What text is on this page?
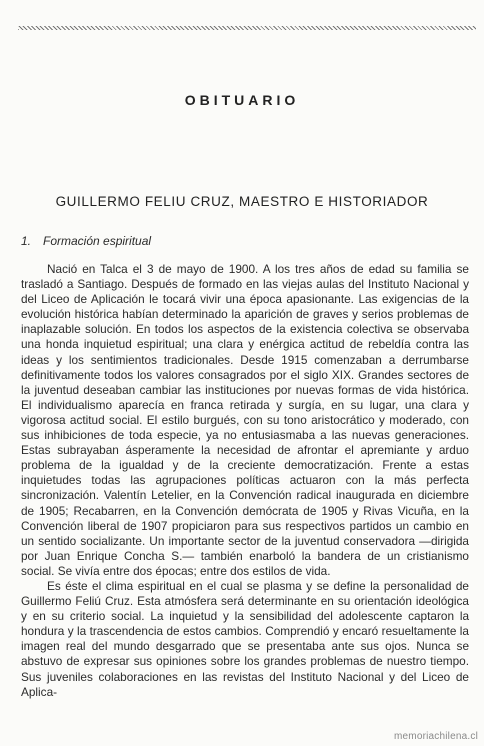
OBITUARIO
GUILLERMO FELIU CRUZ, MAESTRO E HISTORIADOR
1. Formación espiritual

Nació en Talca el 3 de mayo de 1900. A los tres años de edad su familia se trasladó a Santiago. Después de formado en las viejas aulas del Instituto Nacional y del Liceo de Aplicación le tocará vivir una época apasionante. Las exigencias de la evolución histórica habían determinado la aparición de graves y serios problemas de inaplazable solución. En todos los aspectos de la existencia colectiva se observaba una honda inquietud espiritual; una clara y enérgica actitud de rebeldía contra las ideas y los sentimientos tradicionales. Desde 1915 comenzaban a derrumbarse definitivamente todos los valores consagrados por el siglo XIX. Grandes sectores de la juventud deseaban cambiar las instituciones por nuevas formas de vida histórica. El individualismo aparecía en franca retirada y surgía, en su lugar, una clara y vigorosa actitud social. El estilo burgués, con su tono aristocrático y moderado, con sus inhibiciones de toda especie, ya no entusiasmaba a las nuevas generaciones. Estas subrayaban ásperamente la necesidad de afrontar el apremiante y arduo problema de la igualdad y de la creciente democratización. Frente a estas inquietudes todas las agrupaciones políticas actuaron con la más perfecta sincronización. Valentín Letelier, en la Convención radical inaugurada en diciembre de 1905; Recabarren, en la Convención demócrata de 1905 y Rivas Vicuña, en la Convención liberal de 1907 propiciaron para sus respectivos partidos un cambio en un sentido socializante. Un importante sector de la juventud conservadora —dirigida por Juan Enrique Concha S.— también enarboló la bandera de un cristianismo social. Se vivía entre dos épocas; entre dos estilos de vida.

Es éste el clima espiritual en el cual se plasma y se define la personalidad de Guillermo Feliú Cruz. Esta atmósfera será determinante en su orientación ideológica y en su criterio social. La inquietud y la sensibilidad del adolescente captaron la hondura y la trascendencia de estos cambios. Comprendió y encaró resueltamente la imagen real del mundo desgarrado que se presentaba ante sus ojos. Nunca se abstuvo de expresar sus opiniones sobre los grandes problemas de nuestro tiempo. Sus juveniles colaboraciones en las revistas del Instituto Nacional y del Liceo de Aplica-

memoriachilena.cl
